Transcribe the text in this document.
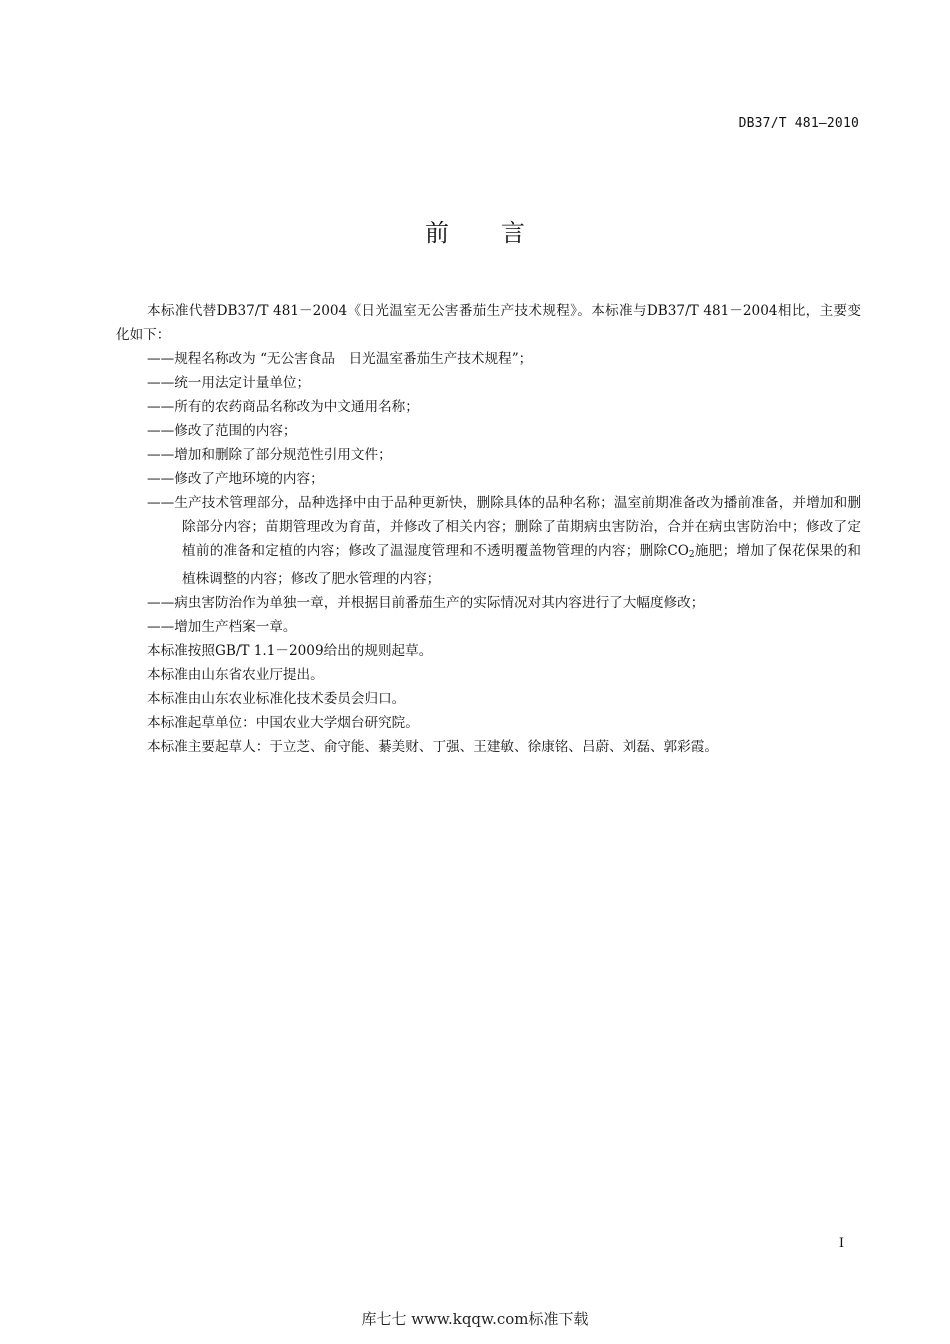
DB37/T 481—2010
前言

本标准代替DB37/T 481－2004《日光温室无公害番茄生产技术规程》。本标准与DB37/T 481－2004相比，主要变化如下：

——规程名称改为 “无公害食品　日光温室番茄生产技术规程”；
——统一用法定计量单位；
——所有的农药商品名称改为中文通用名称；
——修改了范围的内容；
——增加和删除了部分规范性引用文件；
——修改了产地环境的内容；
——生产技术管理部分，品种选择中由于品种更新快，删除具体的品种名称；温室前期准备改为播前准备，并增加和删除部分内容；苗期管理改为育苗，并修改了相关内容；删除了苗期病虫害防治，合并在病虫害防治中；修改了定植前的准备和定植的内容；修改了温湿度管理和不透明覆盖物管理的内容；删除$CO_2$施肥；增加了保花保果的和植株调整的内容；修改了肥水管理的内容；
——病虫害防治作为单独一章，并根据目前番茄生产的实际情况对其内容进行了大幅度修改；
——增加生产档案一章。

本标准按照GB/T 1.1－2009给出的规则起草。

本标准由山东省农业厅提出。

本标准由山东农业标准化技术委员会归口。

本标准起草单位：中国农业大学烟台研究院。

本标准主要起草人：于立芝、俞守能、綦美财、丁强、王建敏、徐康铭、吕蔚、刘磊、郭彩霞。

I
库七七 www.kqqw.com标准下载
